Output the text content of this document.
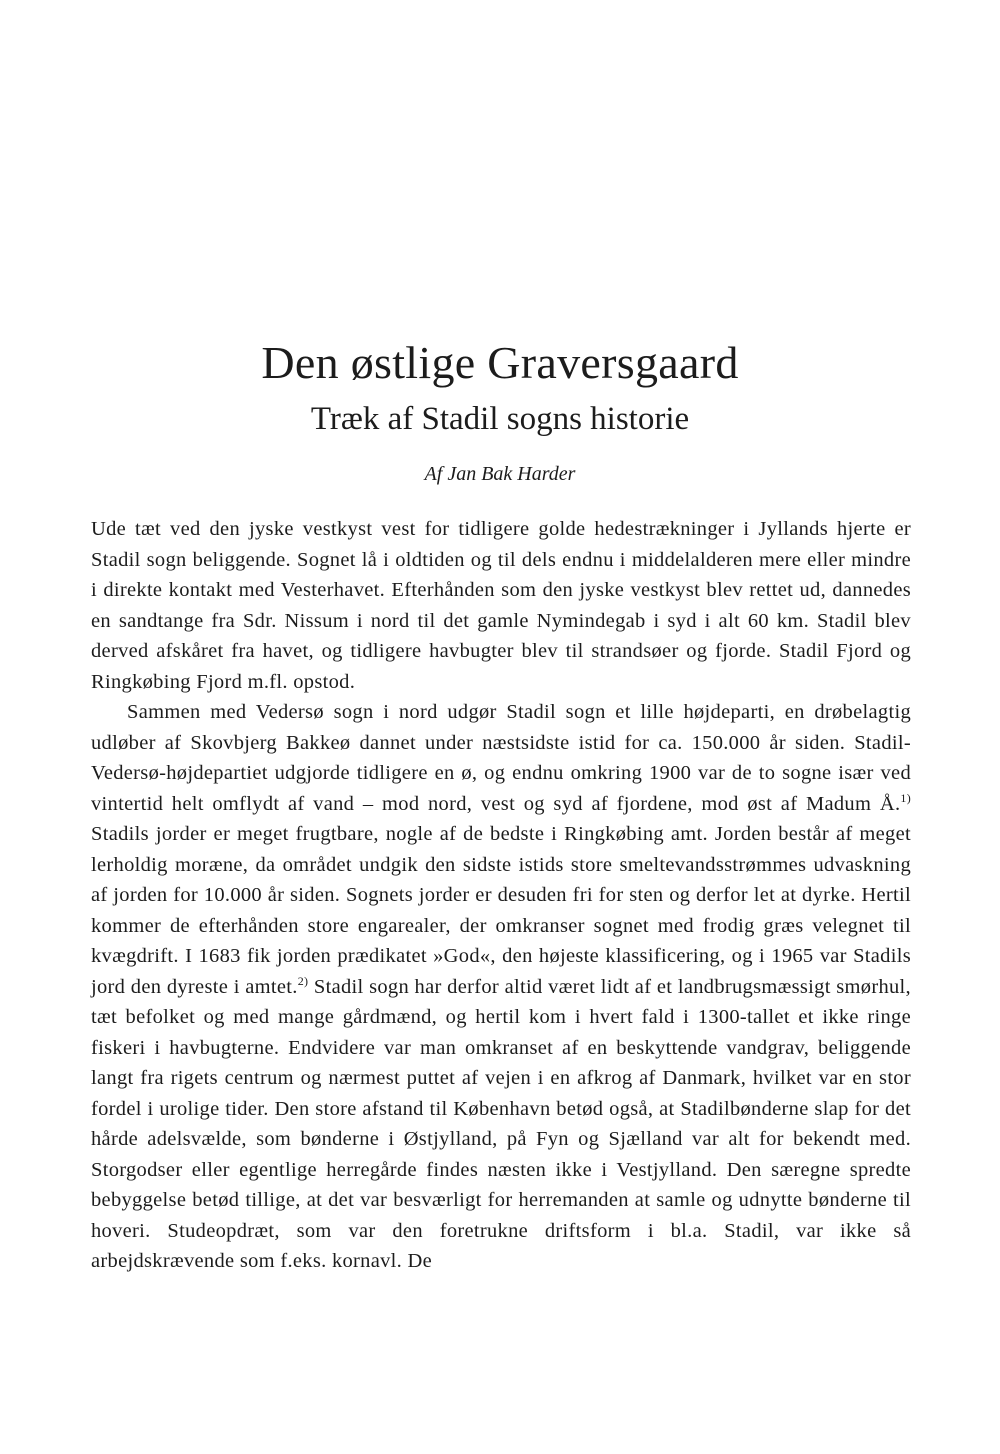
Den østlige Graversgaard
Træk af Stadil sogns historie

Af Jan Bak Harder

Ude tæt ved den jyske vestkyst vest for tidligere golde hedestrækninger i Jyllands hjerte er Stadil sogn beliggende. Sognet lå i oldtiden og til dels endnu i middelalderen mere eller mindre i direkte kontakt med Vesterhavet. Efterhånden som den jyske vestkyst blev rettet ud, dannedes en sandtange fra Sdr. Nissum i nord til det gamle Nymindegab i syd i alt 60 km. Stadil blev derved afskåret fra havet, og tidligere havbugter blev til strandsøer og fjorde. Stadil Fjord og Ringkøbing Fjord m.fl. opstod.

Sammen med Vedersø sogn i nord udgør Stadil sogn et lille højdeparti, en drøbelagtig udløber af Skovbjerg Bakkeø dannet under næstsidste istid for ca. 150.000 år siden. Stadil-Vedersø-højdepartiet udgjorde tidligere en ø, og endnu omkring 1900 var de to sogne især ved vintertid helt omflydt af vand – mod nord, vest og syd af fjordene, mod øst af Madum Å.$^{1)}$ Stadils jorder er meget frugtbare, nogle af de bedste i Ringkøbing amt. Jorden består af meget lerholdig moræne, da området undgik den sidste istids store smeltevandsstrømmes udvaskning af jorden for 10.000 år siden. Sognets jorder er desuden fri for sten og derfor let at dyrke. Hertil kommer de efterhånden store engarealer, der omkranser sognet med frodig græs velegnet til kvægdrift. I 1683 fik jorden prædikatet »God«, den højeste klassificering, og i 1965 var Stadils jord den dyreste i amtet.$^{2)}$ Stadil sogn har derfor altid været lidt af et landbrugsmæssigt smørhul, tæt befolket og med mange gårdmænd, og hertil kom i hvert fald i 1300-tallet et ikke ringe fiskeri i havbugterne. Endvidere var man omkranset af en beskyttende vandgrav, beliggende langt fra rigets centrum og nærmest puttet af vejen i en afkrog af Danmark, hvilket var en stor fordel i urolige tider. Den store afstand til København betød også, at Stadilbønderne slap for det hårde adelsvælde, som bønderne i Østjylland, på Fyn og Sjælland var alt for bekendt med. Storgodser eller egentlige herregårde findes næsten ikke i Vestjylland. Den særegne spredte bebyggelse betød tillige, at det var besværligt for herremanden at samle og udnytte bønderne til hoveri. Studeopdræt, som var den foretrukne driftsform i bl.a. Stadil, var ikke så arbejdskrævende som f.eks. kornavl. De
